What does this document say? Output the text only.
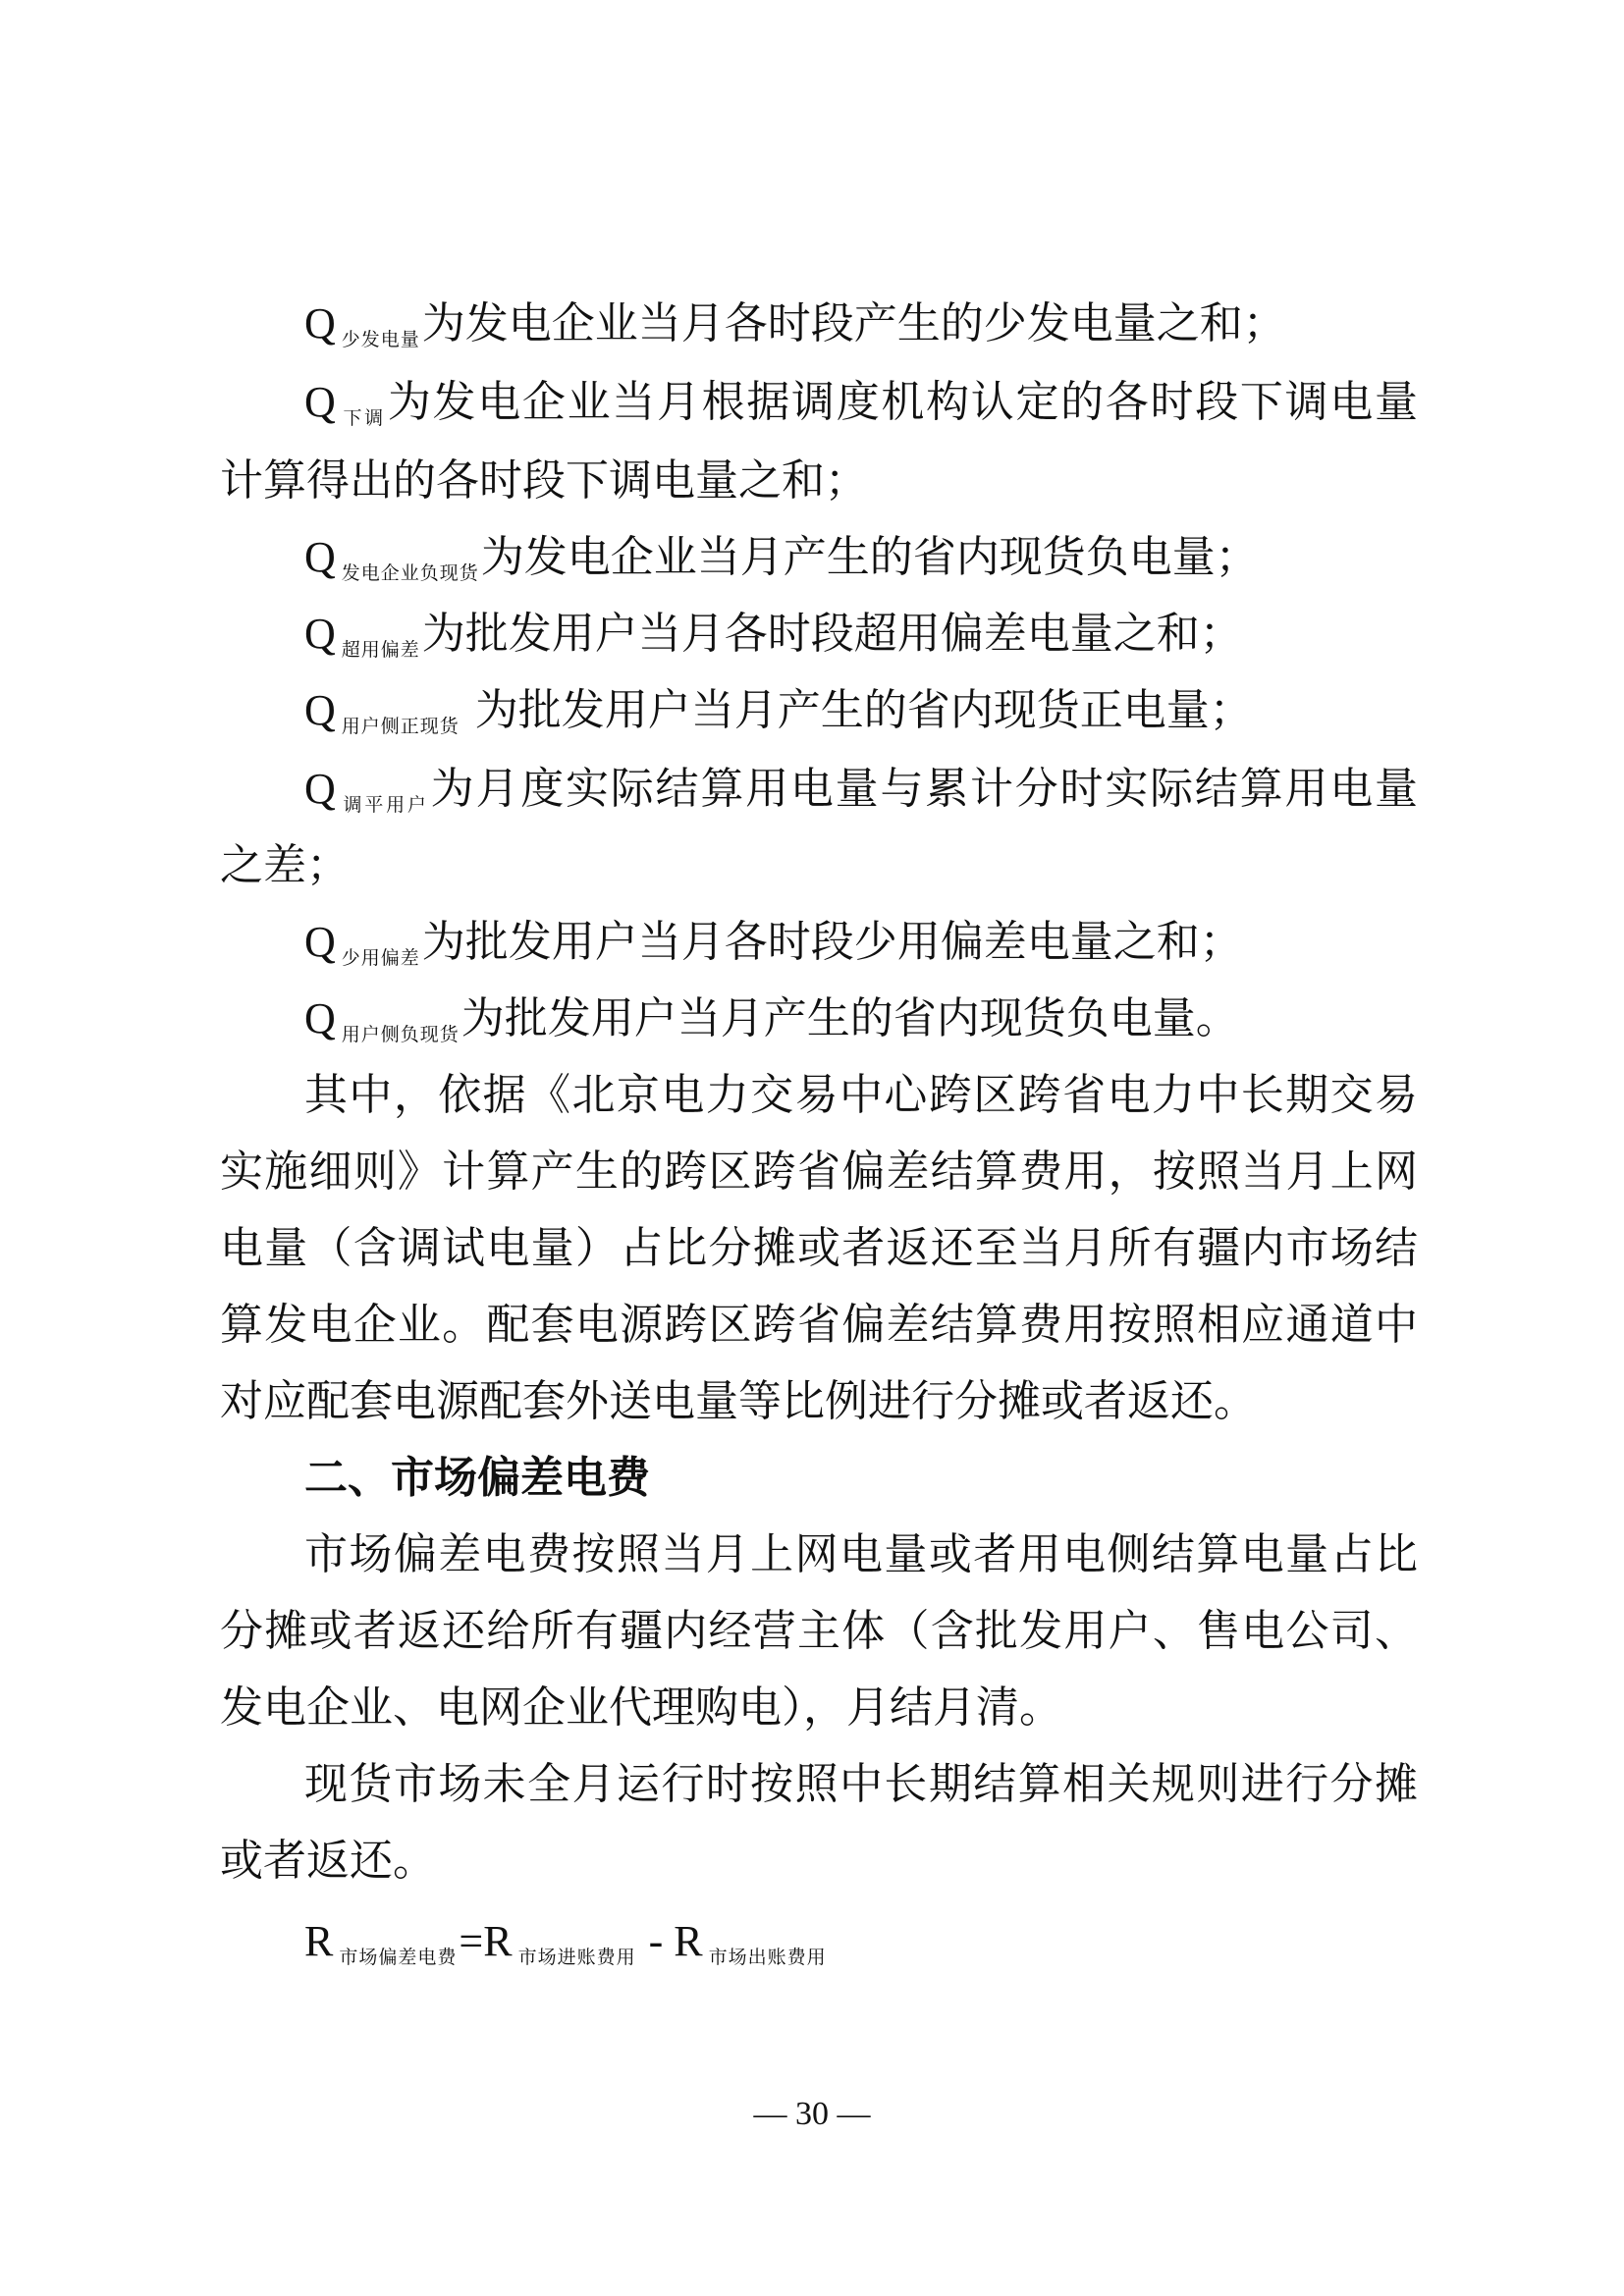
Q少发电量为发电企业当月各时段产生的少发电量之和；
Q下调为发电企业当月根据调度机构认定的各时段下调电量
计算得出的各时段下调电量之和；
Q发电企业负现货为发电企业当月产生的省内现货负电量；
Q超用偏差为批发用户当月各时段超用偏差电量之和；
Q用户侧正现货 为批发用户当月产生的省内现货正电量；
Q调平用户为月度实际结算用电量与累计分时实际结算用电量
之差；
Q少用偏差为批发用户当月各时段少用偏差电量之和；
Q用户侧负现货为批发用户当月产生的省内现货负电量。
其中，依据《北京电力交易中心跨区跨省电力中长期交易
实施细则》计算产生的跨区跨省偏差结算费用，按照当月上网
电量（含调试电量）占比分摊或者返还至当月所有疆内市场结
算发电企业。配套电源跨区跨省偏差结算费用按照相应通道中
对应配套电源配套外送电量等比例进行分摊或者返还。
二、市场偏差电费
市场偏差电费按照当月上网电量或者用电侧结算电量占比
分摊或者返还给所有疆内经营主体（含批发用户、售电公司、
发电企业、电网企业代理购电），月结月清。
现货市场未全月运行时按照中长期结算相关规则进行分摊
或者返还。
R市场偏差电费=R 市场进账费用 - R 市场出账费用
— 30 —
